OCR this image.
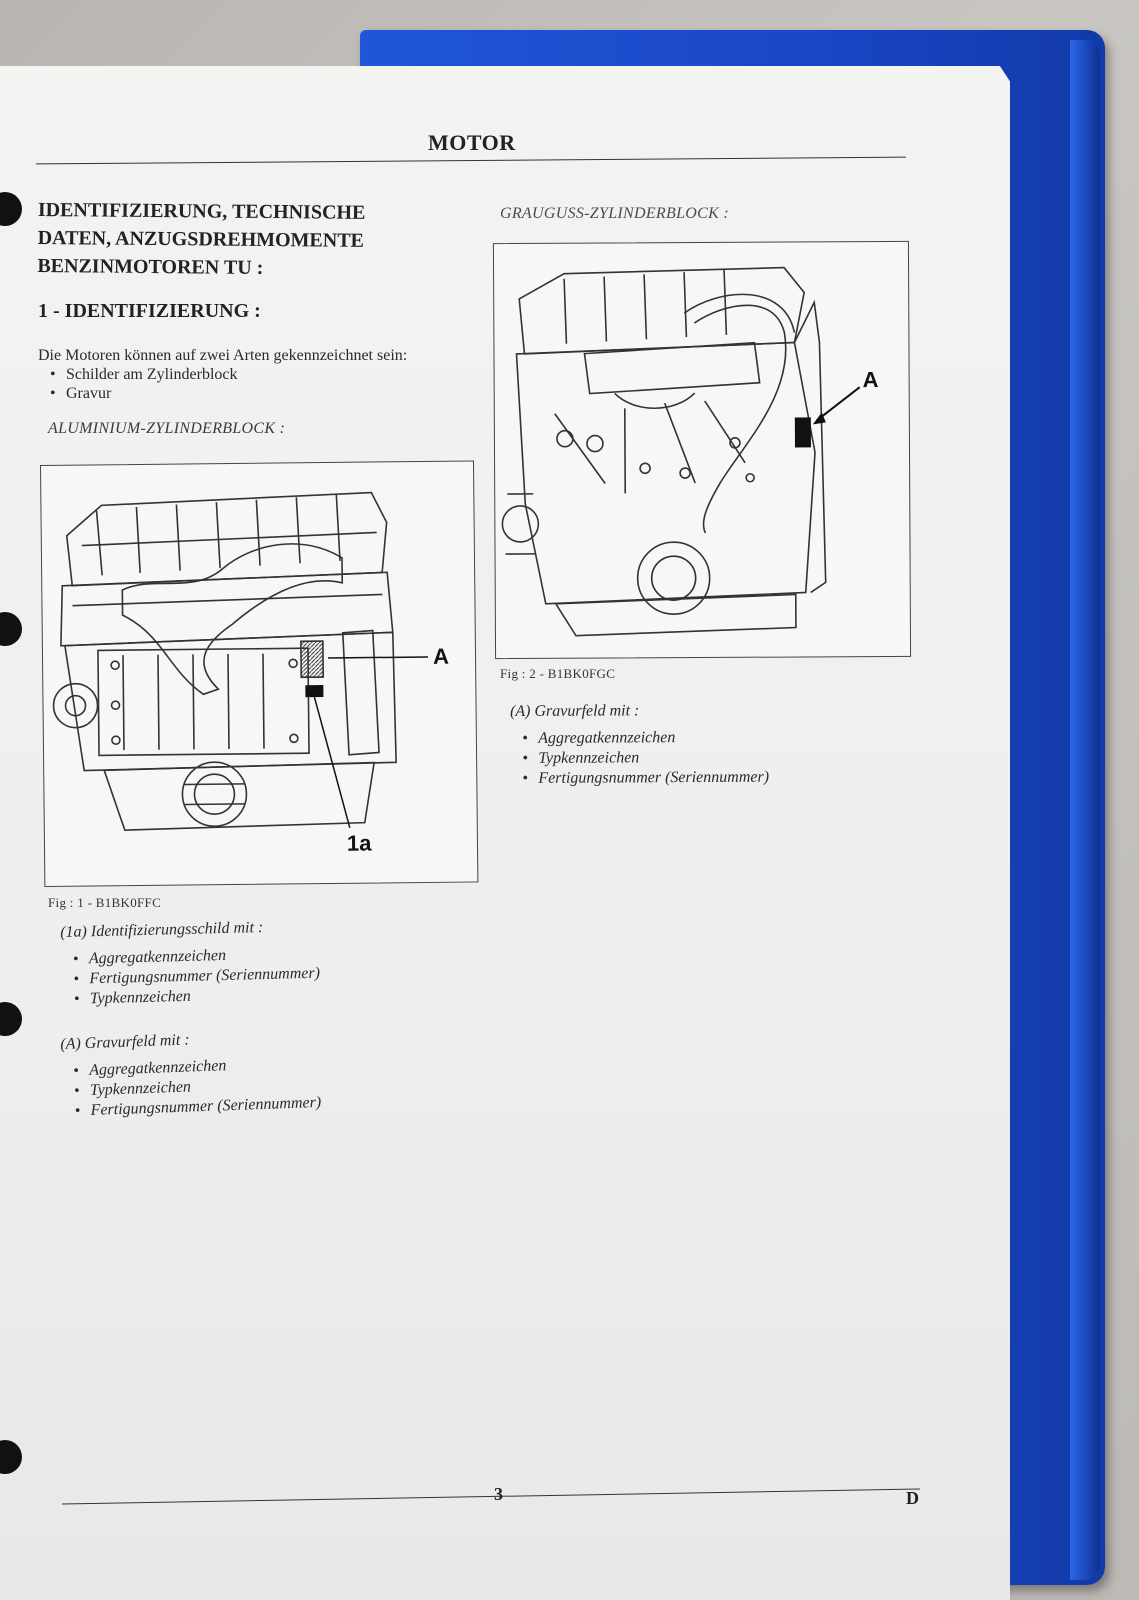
MOTOR
IDENTIFIZIERUNG, TECHNISCHE
DATEN, ANZUGSDREHMOMENTE
BENZINMOTOREN TU :
1 - IDENTIFIZIERUNG :
Die Motoren können auf zwei Arten gekennzeichnet sein:
• Schilder am Zylinderblock
• Gravur
ALUMINIUM-ZYLINDERBLOCK :
A
1a
Fig : 1 - B1BK0FFC
(1a) Identifizierungsschild mit :
• Aggregatkennzeichen
• Fertigungsnummer (Seriennummer)
• Typkennzeichen
(A) Gravurfeld mit :
• Aggregatkennzeichen
• Typkennzeichen
• Fertigungsnummer (Seriennummer)
GRAUGUSS-ZYLINDERBLOCK :
A
Fig : 2 - B1BK0FGC
(A) Gravurfeld mit :
• Aggregatkennzeichen
• Typkennzeichen
• Fertigungsnummer (Seriennummer)
3	D
